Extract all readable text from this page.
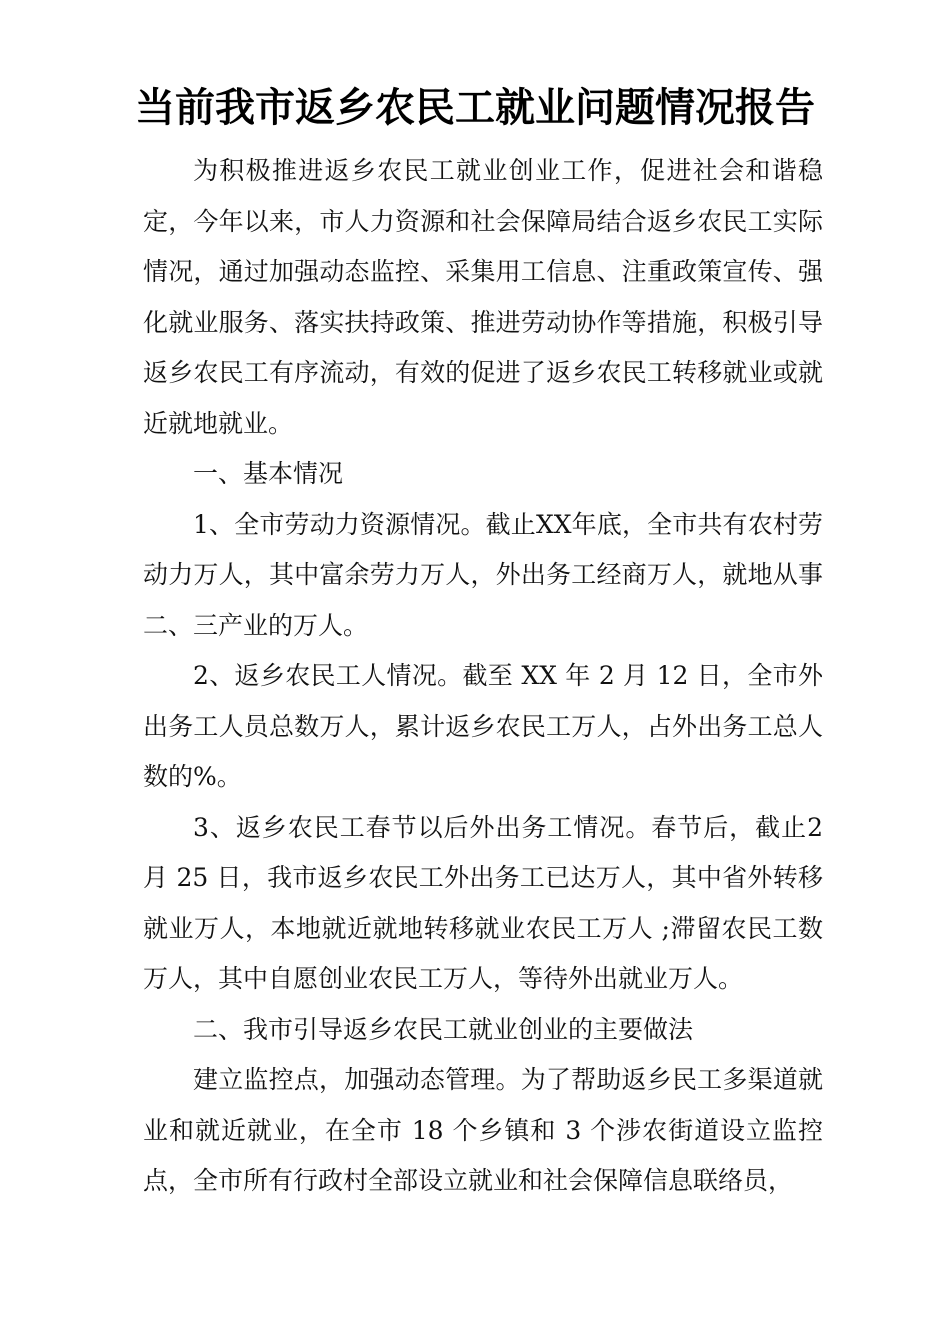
当前我市返乡农民工就业问题情况报告

为积极推进返乡农民工就业创业工作，促进社会和谐稳定，今年以来，市人力资源和社会保障局结合返乡农民工实际情况，通过加强动态监控、采集用工信息、注重政策宣传、强化就业服务、落实扶持政策、推进劳动协作等措施，积极引导返乡农民工有序流动，有效的促进了返乡农民工转移就业或就近就地就业。

一、基本情况

1、全市劳动力资源情况。截止XX年底，全市共有农村劳动力万人，其中富余劳力万人，外出务工经商万人，就地从事二、三产业的万人。

2、返乡农民工人情况。截至 XX 年 2 月 12 日，全市外出务工人员总数万人，累计返乡农民工万人，占外出务工总人数的%。

3、返乡农民工春节以后外出务工情况。春节后，截止2月 25 日，我市返乡农民工外出务工已达万人，其中省外转移就业万人，本地就近就地转移就业农民工万人 ;滞留农民工数万人，其中自愿创业农民工万人，等待外出就业万人。

二、我市引导返乡农民工就业创业的主要做法

建立监控点，加强动态管理。为了帮助返乡民工多渠道就业和就近就业，在全市 18 个乡镇和 3 个涉农街道设立监控点，全市所有行政村全部设立就业和社会保障信息联络员，
